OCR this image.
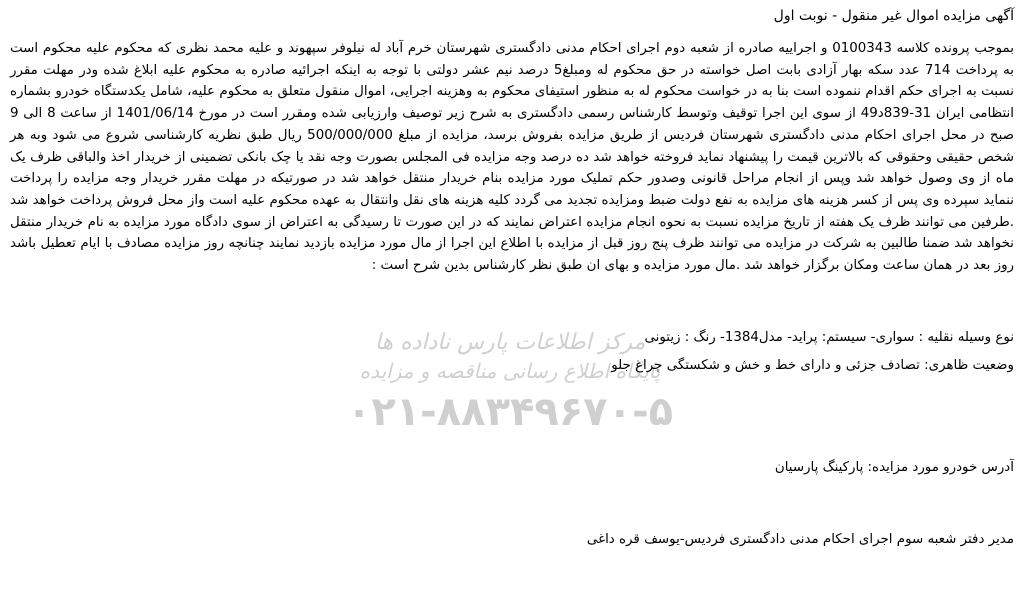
مرکز اطلاعات پارس ناداده ها
پایگاه اطلاع رسانی مناقصه و مزایده
۰۲۱-۸۸۳۴۹۶۷۰-۵
آگهی مزایده اموال غیر منقول - نوبت اول
بموجب پرونده کلاسه 0100343 و اجراییه صادره از شعبه دوم اجرای احکام مدنی دادگستری شهرستان خرم آباد له نیلوفر سپهوند و علیه محمد نظری که محکوم علیه محکوم است به پرداخت 714 عدد سکه بهار آزادی بابت اصل خواسته در حق محکوم له ومبلغ5 درصد نیم عشر دولتی با توجه به اینکه اجرائیه صادره به محکوم علیه ابلاغ شده ودر مهلت مقرر نسبت به اجرای حکم اقدام ننموده است بنا به در خواست محکوم له به منظور استیفای محکوم به وهزینه اجرایی، اموال منقول متعلق به محکوم علیه، شامل یکدستگاه خودرو بشماره انتظامی ایران 31-839د49 از سوی این اجرا توقیف وتوسط کارشناس رسمی دادگستری به شرح زیر توصیف وارزیابی شده ومقرر است در مورخ 1401/06/14 از ساعت 8 الی 9 صبح در محل اجرای احکام مدنی دادگستری شهرستان فردیس از طریق مزایده بفروش برسد، مزایده از مبلغ 500/000/000 ریال طبق نظریه کارشناسی شروع می شود وبه هر شخص حقیقی وحقوقی که بالاترین قیمت را پیشنهاد نماید فروخته خواهد شد ده درصد وجه مزایده فی المجلس بصورت وجه نقد یا چک بانکی تضمینی از خریدار اخذ والباقی ظرف یک ماه از وی وصول خواهد شد وپس از انجام مراحل قانونی وصدور حکم تملیک مورد مزایده بنام خریدار منتقل خواهد شد در صورتیکه در مهلت مقرر خریدار وجه مزایده را پرداخت ننماید سپرده وی پس از کسر هزینه های مزایده به نفع دولت ضبط ومزایده تجدید می گردد کلیه هزینه های نقل وانتقال به عهده محکوم علیه است واز محل فروش پرداخت خواهد شد .طرفین می توانند ظرف یک هفته از تاریخ مزایده نسبت به نحوه انجام مزایده اعتراض نمایند که در این صورت تا رسیدگی به اعتراض از سوی دادگاه مورد مزایده به نام خریدار منتقل نخواهد شد ضمنا طالبین به شرکت در مزایده می توانند ظرف پنج روز قبل از مزایده با اطلاع این اجرا از مال مورد مزایده بازدید نمایند چنانچه روز مزایده مصادف با ایام تعطیل باشد روز بعد در همان ساعت ومکان برگزار خواهد شد .مال مورد مزایده و بهای ان طبق نظر کارشناس بدین شرح است :
نوع وسیله نقلیه : سواری- سیستم: پراید- مدل1384- رنگ : زیتونی
وضعیت ظاهری: تصادف جزئی و دارای خط و خش و شکستگی چراغ جلو
آدرس خودرو مورد مزایده: پارکینگ پارسیان
مدیر دفتر شعبه سوم اجرای احکام مدنی دادگستری فردیس-یوسف قره داغی
